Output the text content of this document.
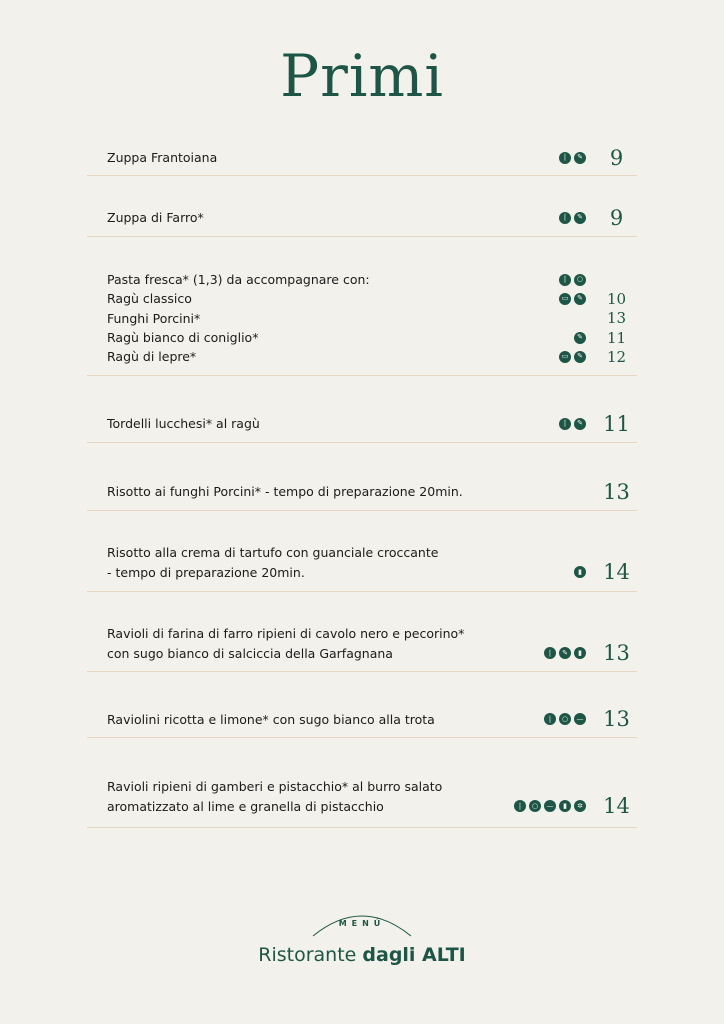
Primi
Zuppa Frantoiana	❘	✎	9
Zuppa di Farro*	❘	✎	9
Pasta fresca* (1,3) da accompagnare con:	❘	○
Ragù classico	▭	✎	10
Funghi Porcini*	13
Ragù bianco di coniglio*	✎	11
Ragù di lepre*	▭	✎	12
Tordelli lucchesi* al ragù	❘	✎ 11
Risotto ai funghi Porcini* - tempo di preparazione 20min.	13
Risotto alla crema di tartufo con guanciale croccante
- tempo di preparazione 20min.	▮	14
Ravioli di farina di farro ripieni di cavolo nero e pecorino*
con sugo bianco di salciccia della Garfagnana	❘	✎	▮	13
Raviolini ricotta e limone* con sugo bianco alla trota	❘	○	— 13
Ravioli ripieni di gamberi e pistacchio* al burro salato
aromatizzato al lime e granella di pistacchio	❘	○	—	▮	✲ 14
MENÚ
Ristorante dagli ALTI
